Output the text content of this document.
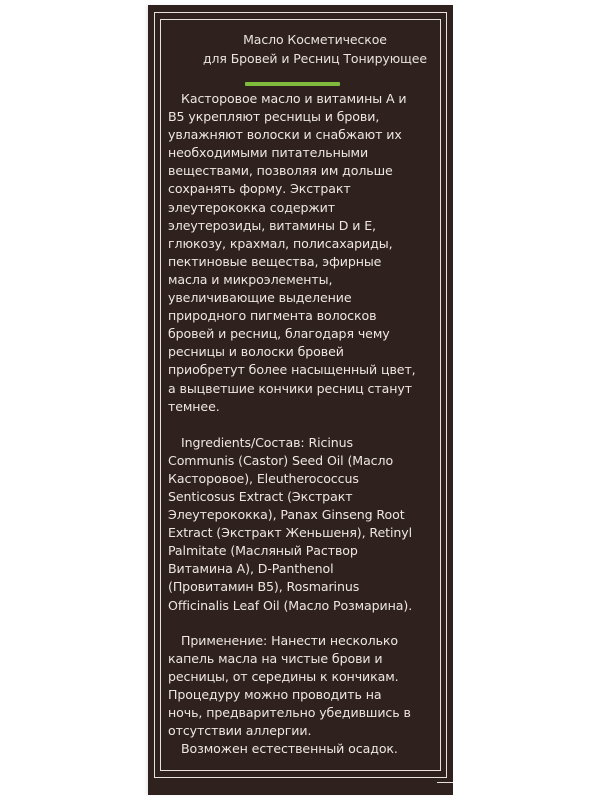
Масло Косметическое
для Бровей и Ресниц Тонирующее

Касторовое масло и витамины А и
В5 укрепляют ресницы и брови,
увлажняют волоски и снабжают их
необходимыми питательными
веществами, позволяя им дольше
сохранять форму. Экстракт
элеутерококка содержит
элеутерозиды, витамины D и Е,
глюкозу, крахмал, полисахариды,
пектиновые вещества, эфирные
масла и микроэлементы,
увеличивающие выделение
природного пигмента волосков
бровей и ресниц, благодаря чему
ресницы и волоски бровей
приобретут более насыщенный цвет,
а выцветшие кончики ресниц станут
темнее.

Ingredients/Состав: Ricinus
Communis (Castor) Seed Oil (Масло
Касторовое), Eleutherococcus
Senticosus Extract (Экстракт
Элеутерококка), Panax Ginseng Root
Extract (Экстракт Женьшеня), Retinyl
Palmitate (Масляный Раствор
Витамина А), D-Panthenol
(Провитамин В5), Rosmarinus
Officinalis Leaf Oil (Масло Розмарина).

Применение: Нанести несколько
капель масла на чистые брови и
ресницы, от середины к кончикам.
Процедуру можно проводить на
ночь, предварительно убедившись в
отсутствии аллергии.
Возможен естественный осадок.
